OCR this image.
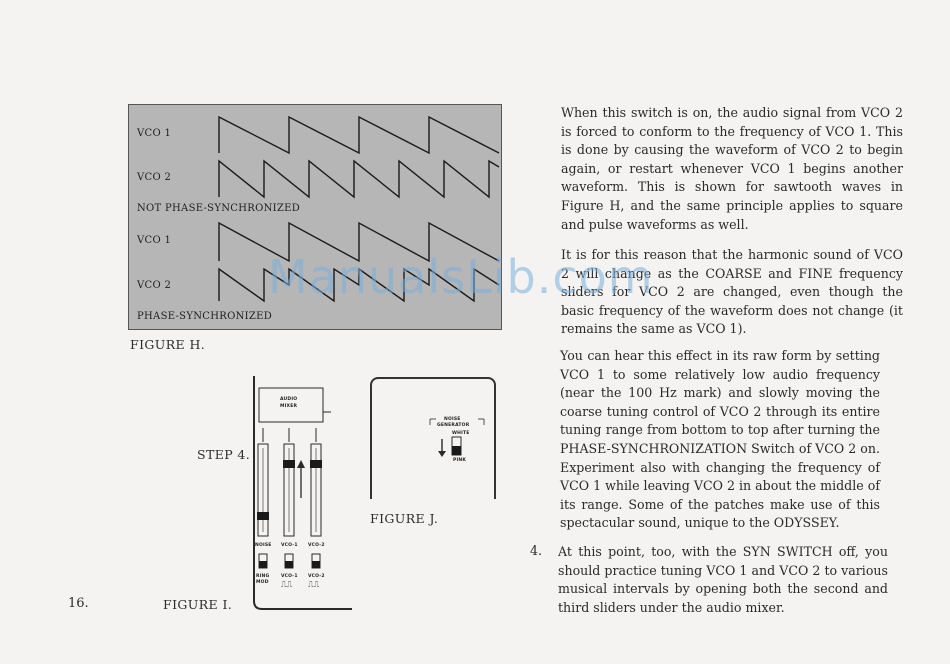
VCO 1
VCO 2
NOT PHASE-SYNCHRONIZED
VCO 1
VCO 2
PHASE-SYNCHRONIZED
FIGURE H.
AUDIO
MIXER
NOISE VCO-1 VCO-2
RING MOD
VCO-1 VCO-2
⎍⎍ ⎍⎍
STEP 4.
FIGURE I.
NOISE
GENERATOR
WHITE
PINK
FIGURE J.
16.
When this switch is on, the audio signal from VCO 2 is forced to conform to the frequency of VCO 1. This is done by causing the waveform of VCO 2 to begin again, or restart whenever VCO 1 begins another waveform. This is shown for sawtooth waves in Figure H, and the same principle applies to square and pulse waveforms as well.
It is for this reason that the harmonic sound of VCO 2 will change as the COARSE and FINE frequency sliders for VCO 2 are changed, even though the basic frequency of the waveform does not change (it remains the same as VCO 1).
You can hear this effect in its raw form by setting VCO 1 to some relatively low audio frequency (near the 100 Hz mark) and slowly moving the coarse tuning control of VCO 2 through its entire tuning range from bottom to top after turning the PHASE-SYNCHRONIZATION Switch of VCO 2 on. Experiment also with changing the frequency of VCO 1 while leaving VCO 2 in about the middle of its range. Some of the patches make use of this spectacular sound, unique to the ODYSSEY.
4. At this point, too, with the SYN SWITCH off, you should practice tuning VCO 1 and VCO 2 to various musical intervals by opening both the second and third sliders under the audio mixer.
ManualsLib.com
